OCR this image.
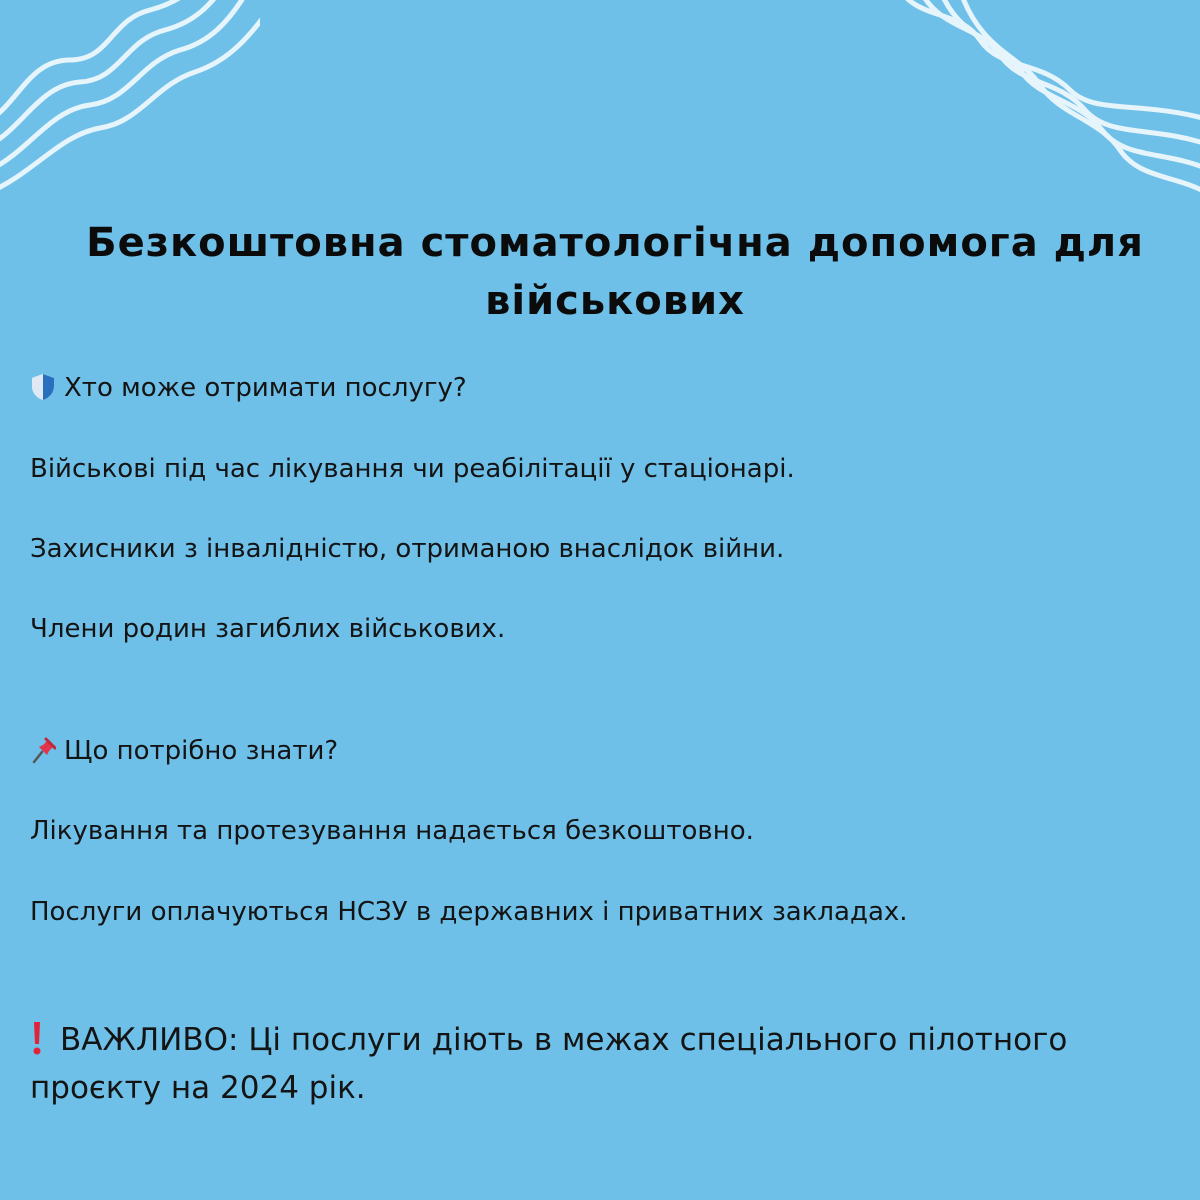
Безкоштовна стоматологічна допомога для військових
Хто може отримати послугу?
Військові під час лікування чи реабілітації у стаціонарі.
Захисники з інвалідністю, отриманою внаслідок війни.
Члени родин загиблих військових.
Що потрібно знати?
Лікування та протезування надається безкоштовно.
Послуги оплачуються НСЗУ в державних і приватних закладах.
ВАЖЛИВО: Ці послуги діють в межах спеціального пілотного проєкту на 2024 рік.
